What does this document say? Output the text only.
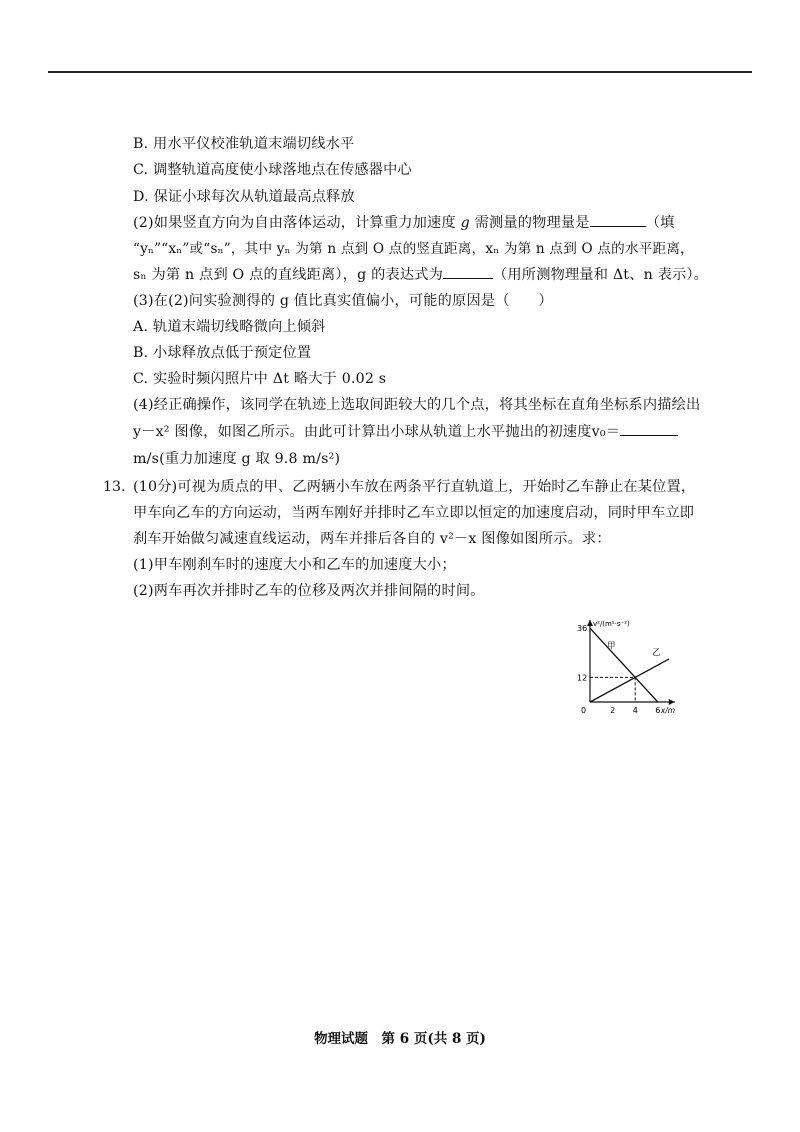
B. 用水平仪校准轨道末端切线水平
C. 调整轨道高度使小球落地点在传感器中心
D. 保证小球每次从轨道最高点释放
(2)如果竖直方向为自由落体运动，计算重力加速度 g 需测量的物理量是	（填
“yₙ”“xₙ”或“sₙ”，其中 yₙ 为第 n 点到 O 点的竖直距离，xₙ 为第 n 点到 O 点的水平距离，
sₙ 为第 n 点到 O 点的直线距离），g 的表达式为	（用所测物理量和 Δt、n 表示）。
(3)在(2)问实验测得的 g 值比真实值偏小，可能的原因是（　　）
A. 轨道末端切线略微向上倾斜
B. 小球释放点低于预定位置
C. 实验时频闪照片中 Δt 略大于 0.02 s
(4)经正确操作，该同学在轨迹上选取间距较大的几个点，将其坐标在直角坐标系内描绘出
y－x² 图像，如图乙所示。由此可计算出小球从轨道上水平抛出的初速度v₀＝
m/s(重力加速度 g 取 9.8 m/s²)
13. (10分)可视为质点的甲、乙两辆小车放在两条平行直轨道上，开始时乙车静止在某位置，
甲车向乙车的方向运动，当两车刚好并排时乙车立即以恒定的加速度启动，同时甲车立即
刹车开始做匀减速直线运动，两车并排后各自的 v²－x 图像如图所示。求：
(1)甲车刚刹车时的速度大小和乙车的加速度大小；
(2)两车再次并排时乙车的位移及两次并排间隔的时间。
v²/(m²·s⁻²)
x/m
0	2 4 6
12
36
甲
乙
物理试题　第 6 页(共 8 页)
